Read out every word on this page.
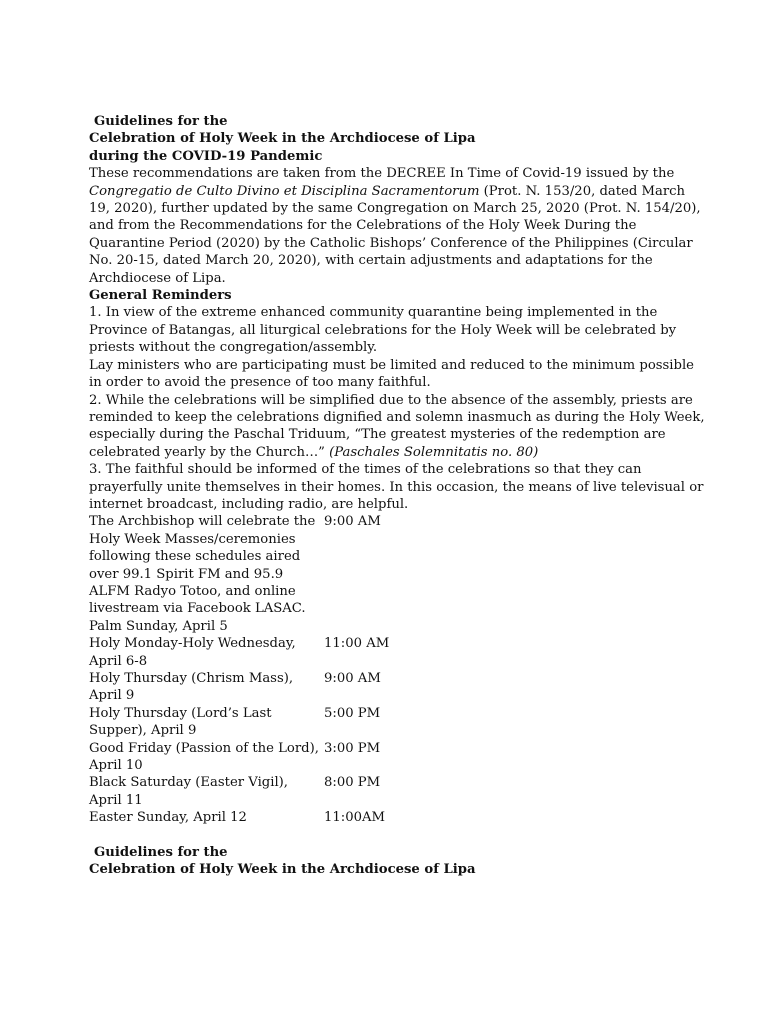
Guidelines for the
Celebration of Holy Week in the Archdiocese of Lipa
during the COVID-19 Pandemic
These recommendations are taken from the DECREE In Time of Covid-19 issued by the Congregatio de Culto Divino et Disciplina Sacramentorum (Prot. N. 153/20, dated March 19, 2020), further updated by the same Congregation on March 25, 2020 (Prot. N. 154/20), and from the Recommendations for the Celebrations of the Holy Week During the Quarantine Period (2020) by the Catholic Bishops’ Conference of the Philippines (Circular No. 20-15, dated March 20, 2020), with certain adjustments and adaptations for the Archdiocese of Lipa.
General Reminders
1. In view of the extreme enhanced community quarantine being implemented in the Province of Batangas, all liturgical celebrations for the Holy Week will be celebrated by priests without the congregation/assembly.
Lay ministers who are participating must be limited and reduced to the minimum possible in order to avoid the presence of too many faithful.
2. While the celebrations will be simplified due to the absence of the assembly, priests are reminded to keep the celebrations dignified and solemn inasmuch as during the Holy Week, especially during the Paschal Triduum, “The greatest mysteries of the redemption are celebrated yearly by the Church…” (Paschales Solemnitatis no. 80)
3. The faithful should be informed of the times of the celebrations so that they can prayerfully unite themselves in their homes. In this occasion, the means of live televisual or internet broadcast, including radio, are helpful.
The Archbishop will celebrate the Holy Week Masses/ceremonies following these schedules aired over 99.1 Spirit FM and 95.9 ALFM Radyo Totoo, and online livestream via Facebook LASAC. Palm Sunday, April 5
9:00 AM
Holy Monday-Holy Wednesday, April 6-8
11:00 AM
Holy Thursday (Chrism Mass), April 9
9:00 AM
Holy Thursday (Lord’s Last Supper), April 9
5:00 PM
Good Friday (Passion of the Lord), April 10
3:00 PM
Black Saturday (Easter Vigil), April 11
8:00 PM
Easter Sunday, April 12	11:00AM
Guidelines for the
Celebration of Holy Week in the Archdiocese of Lipa
